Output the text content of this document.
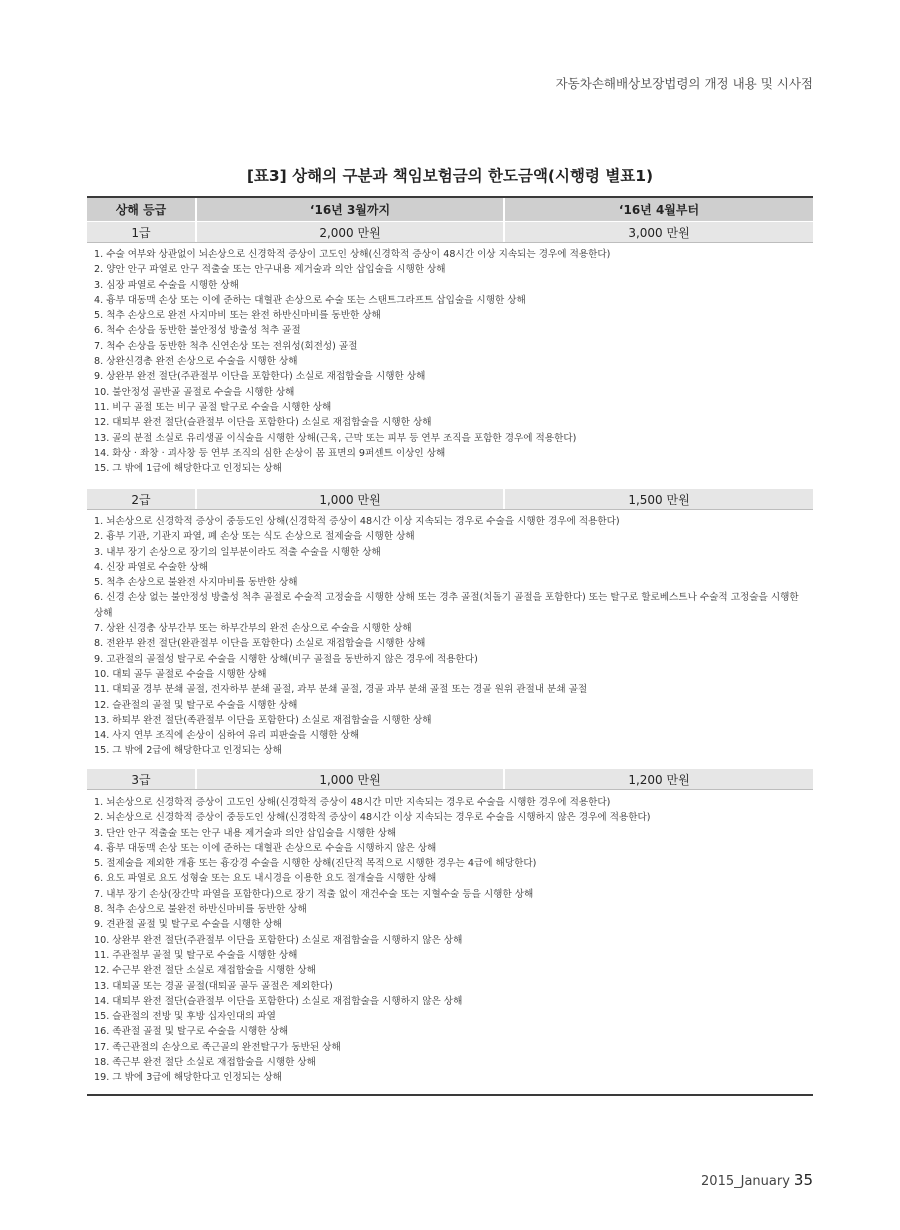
자동차손해배상보장법령의 개정 내용 및 시사점
[표3] 상해의 구분과 책임보험금의 한도금액(시행령 별표1)
상해 등급	‘16년 3월까지	‘16년 4월부터
1급	2,000 만원	3,000 만원
1. 수술 여부와 상관없이 뇌손상으로 신경학적 증상이 고도인 상해(신경학적 증상이 48시간 이상 지속되는 경우에 적용한다)
2. 양안 안구 파열로 안구 적출술 또는 안구내용 제거술과 의안 삽입술을 시행한 상해
3. 심장 파열로 수술을 시행한 상해
4. 흉부 대동맥 손상 또는 이에 준하는 대혈관 손상으로 수술 또는 스탠트그라프트 삽입술을 시행한 상해
5. 척추 손상으로 완전 사지마비 또는 완전 하반신마비를 동반한 상해
6. 척수 손상을 동반한 불안정성 방출성 척추 골절
7. 척수 손상을 동반한 척추 신연손상 또는 전위성(회전성) 골절
8. 상완신경총 완전 손상으로 수술을 시행한 상해
9. 상완부 완전 절단(주관절부 이단을 포함한다) 소실로 재접합술을 시행한 상해
10. 불안정성 골반골 골절로 수술을 시행한 상해
11. 비구 골절 또는 비구 골절 탈구로 수술을 시행한 상해
12. 대퇴부 완전 절단(슬관절부 이단을 포함한다) 소실로 재접합술을 시행한 상해
13. 골의 분절 소실로 유리생골 이식술을 시행한 상해(근육, 근막 또는 피부 등 연부 조직을 포함한 경우에 적용한다)
14. 화상 · 좌창 · 괴사창 등 연부 조직의 심한 손상이 몸 표면의 9퍼센트 이상인 상해
15. 그 밖에 1급에 해당한다고 인정되는 상해
2급	1,000 만원	1,500 만원
1. 뇌손상으로 신경학적 증상이 중등도인 상해(신경학적 증상이 48시간 이상 지속되는 경우로 수술을 시행한 경우에 적용한다)
2. 흉부 기관, 기관지 파열, 폐 손상 또는 식도 손상으로 절제술을 시행한 상해
3. 내부 장기 손상으로 장기의 일부분이라도 적출 수술을 시행한 상해
4. 신장 파열로 수술한 상해
5. 척추 손상으로 불완전 사지마비를 동반한 상해
6. 신경 손상 없는 불안정성 방출성 척추 골절로 수술적 고정술을 시행한 상해 또는 경추 골절(치돌기 골절을 포함한다) 또는 탈구로 할로베스트나 수술적 고정술을 시행한 상해
7. 상완 신경총 상부간부 또는 하부간부의 완전 손상으로 수술을 시행한 상해
8. 전완부 완전 절단(완관절부 이단을 포함한다) 소실로 재접합술을 시행한 상해
9. 고관절의 골절성 탈구로 수술을 시행한 상해(비구 골절을 동반하지 않은 경우에 적용한다)
10. 대퇴 골두 골절로 수술을 시행한 상해
11. 대퇴골 경부 분쇄 골절, 전자하부 분쇄 골절, 과부 분쇄 골절, 경골 과부 분쇄 골절 또는 경골 원위 관절내 분쇄 골절
12. 슬관절의 골절 및 탈구로 수술을 시행한 상해
13. 하퇴부 완전 절단(족관절부 이단을 포함한다) 소실로 재접합술을 시행한 상해
14. 사지 연부 조직에 손상이 심하여 유리 피판술을 시행한 상해
15. 그 밖에 2급에 해당한다고 인정되는 상해
3급	1,000 만원	1,200 만원
1. 뇌손상으로 신경학적 증상이 고도인 상해(신경학적 증상이 48시간 미만 지속되는 경우로 수술을 시행한 경우에 적용한다)
2. 뇌손상으로 신경학적 증상이 중등도인 상해(신경학적 증상이 48시간 이상 지속되는 경우로 수술을 시행하지 않은 경우에 적용한다)
3. 단안 안구 적출술 또는 안구 내용 제거술과 의안 삽입술을 시행한 상해
4. 흉부 대동맥 손상 또는 이에 준하는 대혈관 손상으로 수술을 시행하지 않은 상해
5. 절제술을 제외한 개흉 또는 흉강경 수술을 시행한 상해(진단적 목적으로 시행한 경우는 4급에 해당한다)
6. 요도 파열로 요도 성형술 또는 요도 내시경을 이용한 요도 절개술을 시행한 상해
7. 내부 장기 손상(장간막 파열을 포함한다)으로 장기 적출 없이 재건수술 또는 지혈수술 등을 시행한 상해
8. 척추 손상으로 불완전 하반신마비를 동반한 상해
9. 견관절 골절 및 탈구로 수술을 시행한 상해
10. 상완부 완전 절단(주관절부 이단을 포함한다) 소실로 재접합술을 시행하지 않은 상해
11. 주관절부 골절 및 탈구로 수술을 시행한 상해
12. 수근부 완전 절단 소실로 재접합술을 시행한 상해
13. 대퇴골 또는 경골 골절(대퇴골 골두 골절은 제외한다)
14. 대퇴부 완전 절단(슬관절부 이단을 포함한다) 소실로 재접합술을 시행하지 않은 상해
15. 슬관절의 전방 및 후방 십자인대의 파열
16. 족관절 골절 및 탈구로 수술을 시행한 상해
17. 족근관절의 손상으로 족근골의 완전탈구가 동반된 상해
18. 족근부 완전 절단 소실로 재접합술을 시행한 상해
19. 그 밖에 3급에 해당한다고 인정되는 상해
2015_January 35
